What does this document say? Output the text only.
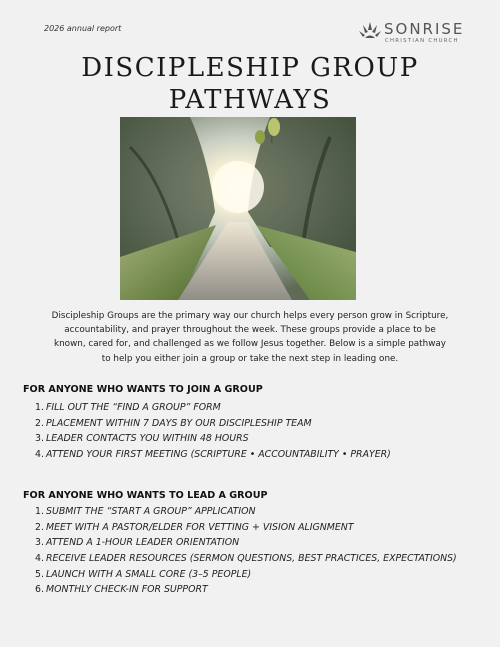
2026 annual report	SONRISE
CHRISTIAN CHURCH
DISCIPLESHIP GROUP
PATHWAYS
Discipleship Groups are the primary way our church helps every person grow in Scripture,
accountability, and prayer throughout the week. These groups provide a place to be
known, cared for, and challenged as we follow Jesus together. Below is a simple pathway
to help you either join a group or take the next step in leading one.
FOR ANYONE WHO WANTS TO JOIN A GROUP
1. FILL OUT THE “FIND A GROUP” FORM
2. PLACEMENT WITHIN 7 DAYS BY OUR DISCIPLESHIP TEAM
3. LEADER CONTACTS YOU WITHIN 48 HOURS
4. ATTEND YOUR FIRST MEETING (SCRIPTURE • ACCOUNTABILITY • PRAYER)
FOR ANYONE WHO WANTS TO LEAD A GROUP
1. SUBMIT THE “START A GROUP” APPLICATION
2. MEET WITH A PASTOR/ELDER FOR VETTING + VISION ALIGNMENT
3. ATTEND A 1-HOUR LEADER ORIENTATION
4. RECEIVE LEADER RESOURCES (SERMON QUESTIONS, BEST PRACTICES, EXPECTATIONS)
5. LAUNCH WITH A SMALL CORE (3–5 PEOPLE)
6. MONTHLY CHECK-IN FOR SUPPORT
